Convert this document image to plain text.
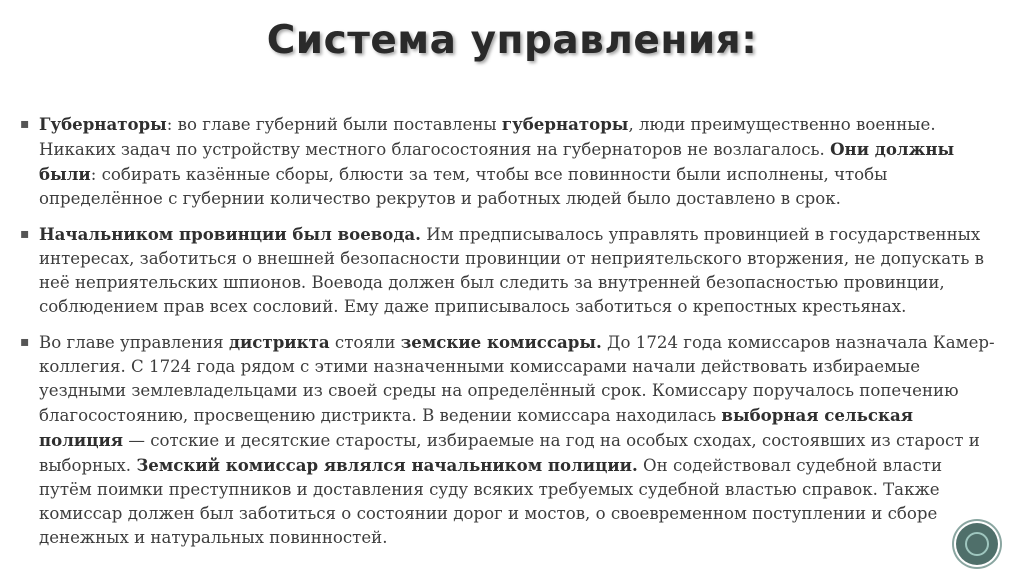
Система управления:
▪ Губернаторы: во главе губерний были поставлены губернаторы, люди преимущественно военные. Никаких задач по устройству местного благосостояния на губернаторов не возлагалось. Они должны были: собирать казённые сборы, блюсти за тем, чтобы все повинности были исполнены, чтобы определённое с губернии количество рекрутов и работных людей было доставлено в срок.
▪ Начальником провинции был воевода. Им предписывалось управлять провинцией в государственных интересах, заботиться о внешней безопасности провинции от неприятельского вторжения, не допускать в неё неприятельских шпионов. Воевода должен был следить за внутренней безопасностью провинции, соблюдением прав всех сословий. Ему даже приписывалось заботиться о крепостных крестьянах.
▪ Во главе управления дистрикта стояли земские комиссары. До 1724 года комиссаров назначала Камер-коллегия. С 1724 года рядом с этими назначенными комиссарами начали действовать избираемые уездными землевладельцами из своей среды на определённый срок. Комиссару поручалось попечению благосостоянию, просвещению дистрикта. В ведении комиссара находилась выборная сельская полиция — сотские и десятские старосты, избираемые на год на особых сходах, состоявших из старост и выборных. Земский комиссар являлся начальником полиции. Он содействовал судебной власти путём поимки преступников и доставления суду всяких требуемых судебной властью справок. Также комиссар должен был заботиться о состоянии дорог и мостов, о своевременном поступлении и сборе денежных и натуральных повинностей.
